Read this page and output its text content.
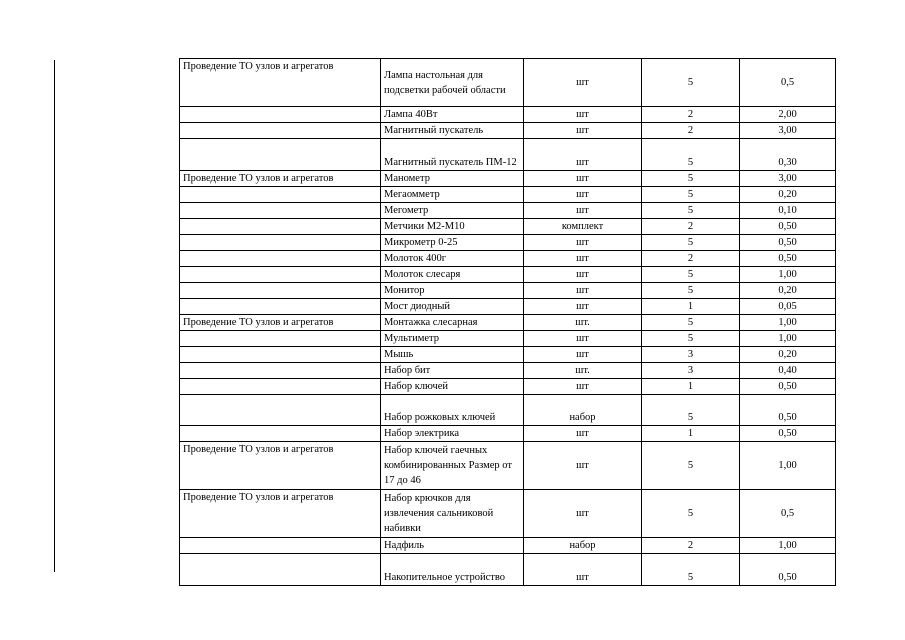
Проведение ТО узлов и агрегатов	Лампа настольная для подсветки рабочей области	шт	5	0,5
	Лампа 40Вт	шт	2	2,00
	Магнитный пускатель	шт	2	3,00
	Магнитный пускатель ПМ-12	шт	5	0,30
Проведение ТО узлов и агрегатов	Манометр	шт	5	3,00
	Мегаомметр	шт	5	0,20
	Мегометр	шт	5	0,10
	Метчики М2-М10	комплект	2	0,50
	Микрометр 0-25	шт	5	0,50
	Молоток 400г	шт	2	0,50
	Молоток слесаря	шт	5	1,00
	Монитор	шт	5	0,20
	Мост диодный	шт	1	0,05
Проведение ТО узлов и агрегатов	Монтажка слесарная	шт.	5	1,00
	Мультиметр	шт	5	1,00
	Мышь	шт	3	0,20
	Набор бит	шт.	3	0,40
	Набор ключей	шт	1	0,50
	Набор рожковых ключей	набор	5	0,50
	Набор электрика	шт	1	0,50
Проведение ТО узлов и агрегатов	Набор ключей гаечных комбинированных Размер от 17 до 46	шт	5	1,00
Проведение ТО узлов и агрегатов	Набор крючков для извлечения сальниковой набивки	шт	5	0,5
	Надфиль	набор	2	1,00
	Накопительное устройство	шт	5	0,50
